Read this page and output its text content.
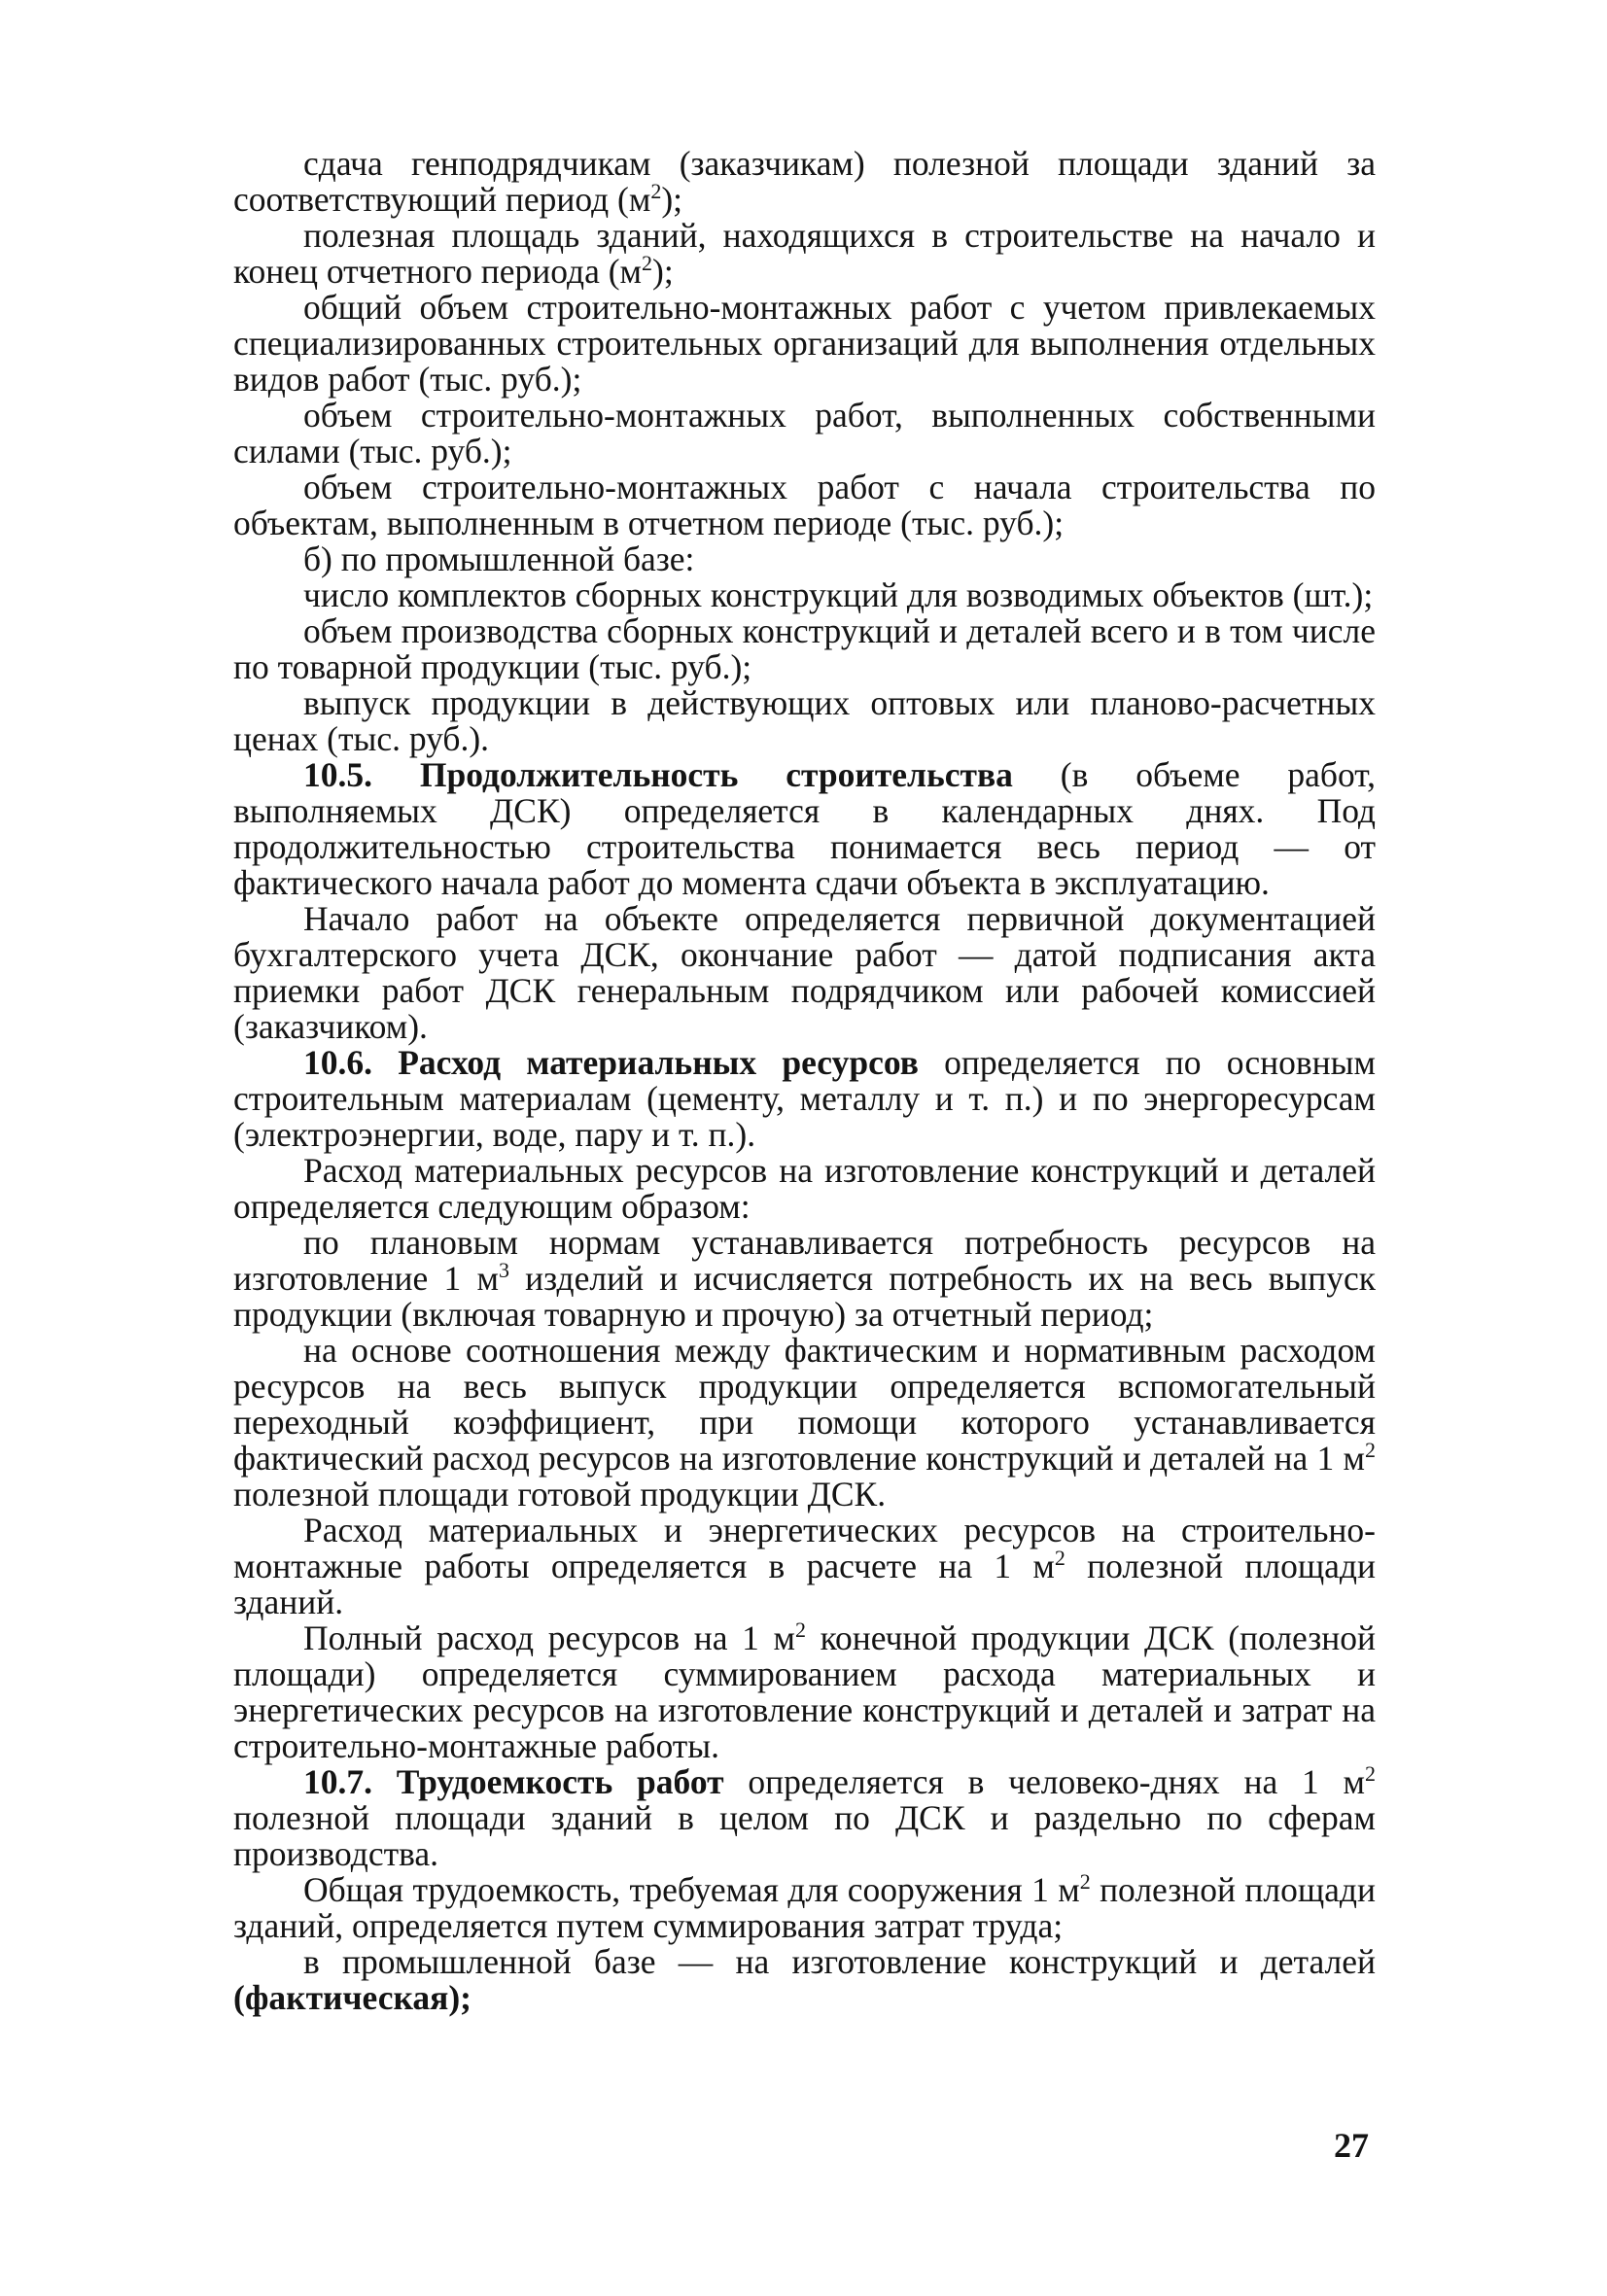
сдача генподрядчикам (заказчикам) полезной площади зданий за соответствующий период $(м^2)$;

полезная площадь зданий, находящихся в строительстве на начало и конец отчетного периода $(м^2)$;

общий объем строительно-монтажных работ с учетом привлекаемых специализированных строительных организаций для выполнения отдельных видов работ (тыс. руб.);

объем строительно-монтажных работ, выполненных собственными силами (тыс. руб.);

объем строительно-монтажных работ с начала строительства по объектам, выполненным в отчетном периоде (тыс. руб.);

б) по промышленной базе:

число комплектов сборных конструкций для возводимых объектов (шт.);

объем производства сборных конструкций и деталей всего и в том числе по товарной продукции (тыс. руб.);

выпуск продукции в действующих оптовых или планово-расчетных ценах (тыс. руб.).

10.5. Продолжительность строительства (в объеме работ, выполняемых ДСК) определяется в календарных днях. Под продолжительностью строительства понимается весь период — от фактического начала работ до момента сдачи объекта в эксплуатацию.

Начало работ на объекте определяется первичной документацией бухгалтерского учета ДСК, окончание работ — датой подписания акта приемки работ ДСК генеральным подрядчиком или рабочей комиссией (заказчиком).

10.6. Расход материальных ресурсов определяется по основным строительным материалам (цементу, металлу и т. п.) и по энергоресурсам (электроэнергии, воде, пару и т. п.).

Расход материальных ресурсов на изготовление конструкций и деталей определяется следующим образом:

по плановым нормам устанавливается потребность ресурсов на изготовление 1 $м^3$ изделий и исчисляется потребность их на весь выпуск продукции (включая товарную и прочую) за отчетный период;

на основе соотношения между фактическим и нормативным расходом ресурсов на весь выпуск продукции определяется вспомогательный переходный коэффициент, при помощи которого устанавливается фактический расход ресурсов на изготовление конструкций и деталей на 1 $м^2$ полезной площади готовой продукции ДСК.

Расход материальных и энергетических ресурсов на строительно-монтажные работы определяется в расчете на 1 $м^2$ полезной площади зданий.

Полный расход ресурсов на 1 $м^2$ конечной продукции ДСК (полезной площади) определяется суммированием расхода материальных и энергетических ресурсов на изготовление конструкций и деталей и затрат на строительно-монтажные работы.

10.7. Трудоемкость работ определяется в человеко-днях на 1 $м^2$ полезной площади зданий в целом по ДСК и раздельно по сферам производства.

Общая трудоемкость, требуемая для сооружения 1 $м^2$ полезной площади зданий, определяется путем суммирования затрат труда;

в промышленной базе — на изготовление конструкций и деталей (фактическая);

27
